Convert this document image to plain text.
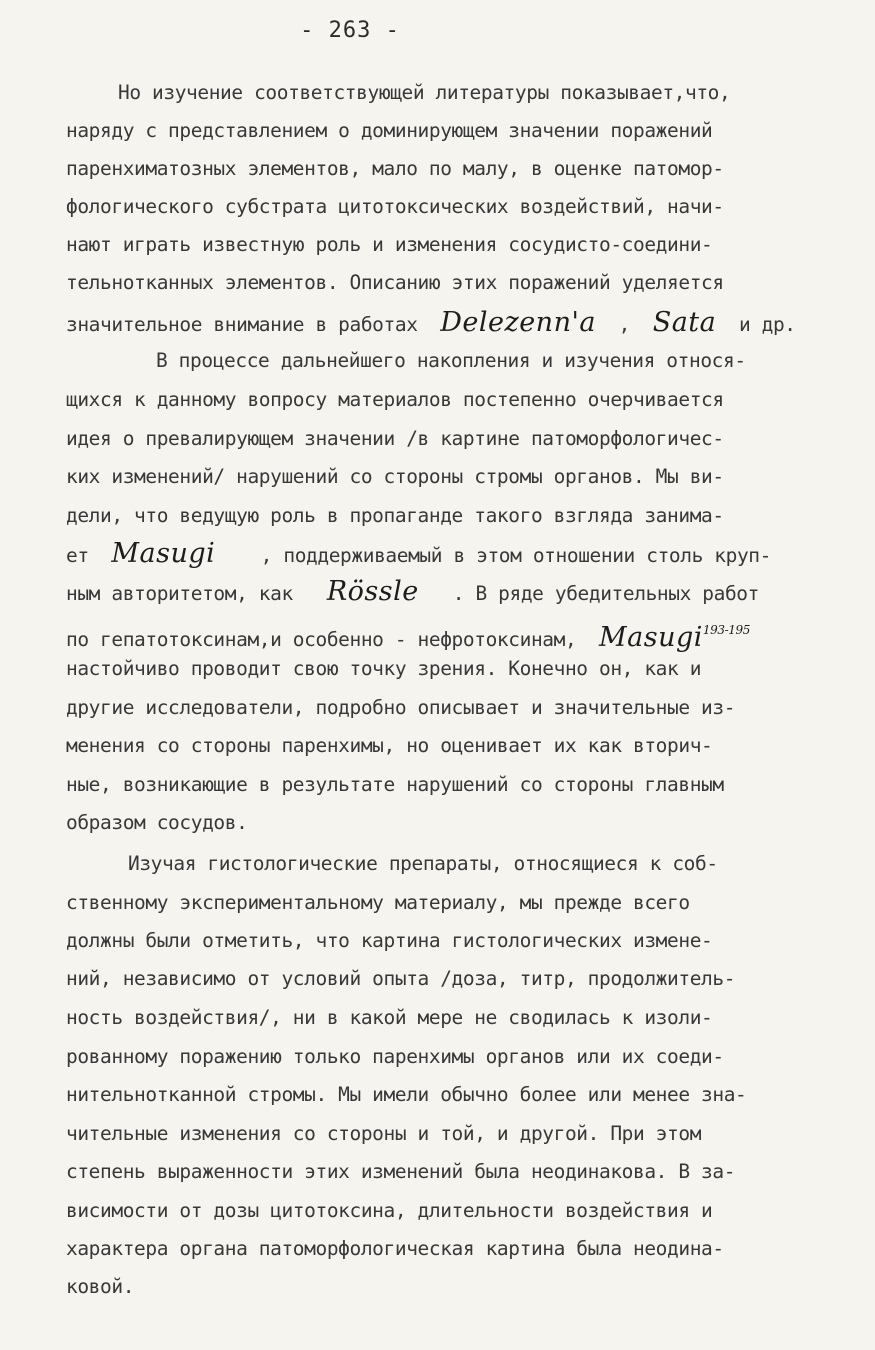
- 263 -
Но изучение соответствующей литературы показывает,что,
наряду с представлением о доминирующем значении поражений
паренхиматозных элементов, мало по малу, в оценке патомор-
фологического субстрата цитотоксических воздействий, начи-
нают играть известную роль и изменения сосудисто-соедини-
тельнотканных элементов. Описанию этих поражений уделяется
значительное внимание в работах Delezenn'a , Sata и др.
В процессе дальнейшего накопления и изучения относя-
щихся к данному вопросу материалов постепенно очерчивается
идея о превалирующем значении /в картине патоморфологичес-
ких изменений/ нарушений со стороны стромы органов. Мы ви-
дели, что ведущую роль в пропаганде такого взгляда занима-
ет Masugi , поддерживаемый в этом отношении столь круп-
ным авторитетом, как Rössle . В ряде убедительных работ
по гепатотоксинам,и особенно - нефротоксинам, Masugi$^{193-195}$
настойчиво проводит свою точку зрения. Конечно он, как и
другие исследователи, подробно описывает и значительные из-
менения со стороны паренхимы, но оценивает их как вторич-
ные, возникающие в результате нарушений со стороны главным
образом сосудов.
Изучая гистологические препараты, относящиеся к соб-
ственному экспериментальному материалу, мы прежде всего
должны были отметить, что картина гистологических измене-
ний, независимо от условий опыта /доза, титр, продолжитель-
ность воздействия/, ни в какой мере не сводилась к изоли-
рованному поражению только паренхимы органов или их соеди-
нительнотканной стромы. Мы имели обычно более или менее зна-
чительные изменения со стороны и той, и другой. При этом
степень выраженности этих изменений была неодинакова. В за-
висимости от дозы цитотоксина, длительности воздействия и
характера органа патоморфологическая картина была неодина-
ковой.
